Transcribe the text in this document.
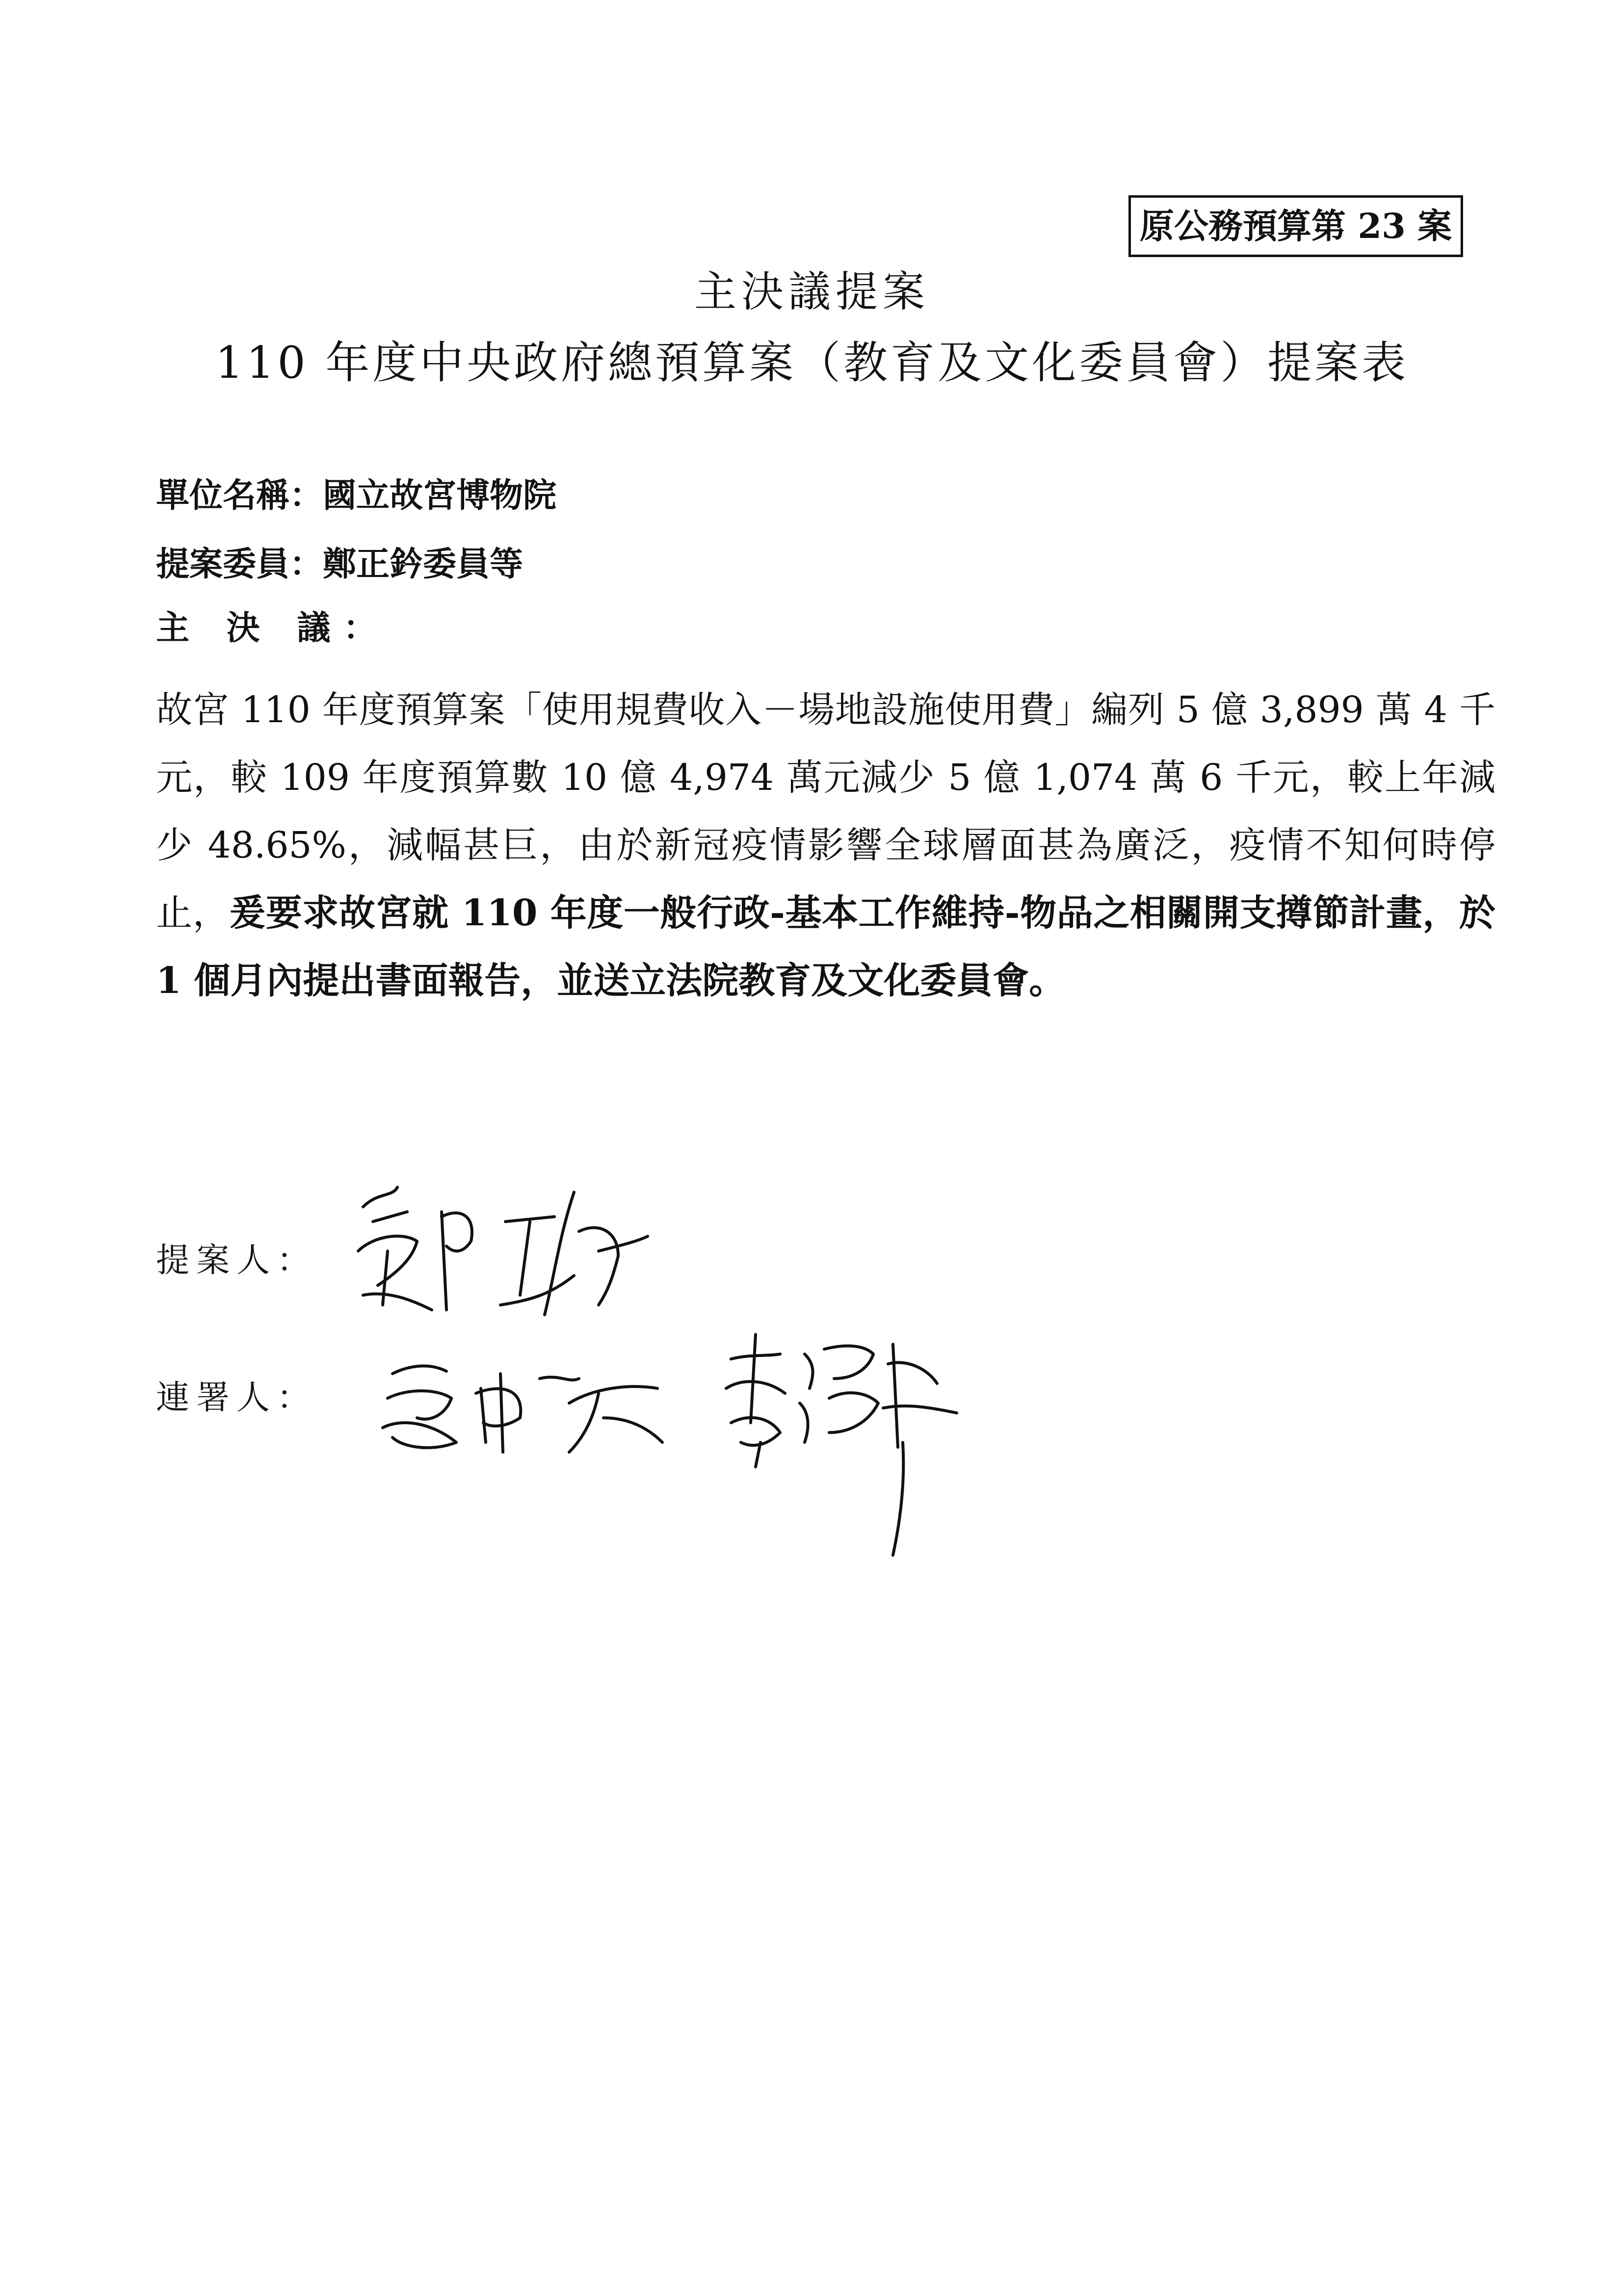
原公務預算第 23 案
主決議提案
110 年度中央政府總預算案（教育及文化委員會）提案表
單位名稱：國立故宮博物院
提案委員：鄭正鈐委員等
主 決 議：
故宮 110 年度預算案「使用規費收入－場地設施使用費」編列 5 億 3,899 萬 4 千元，較 109 年度預算數 10 億 4,974 萬元減少 5 億 1,074 萬 6 千元，較上年減少 48.65%，減幅甚巨，由於新冠疫情影響全球層面甚為廣泛，疫情不知何時停止，爰要求故宮就 110 年度一般行政-基本工作維持-物品之相關開支撙節計畫，於 1 個月內提出書面報告，並送立法院教育及文化委員會。
提案人：
連署人：
